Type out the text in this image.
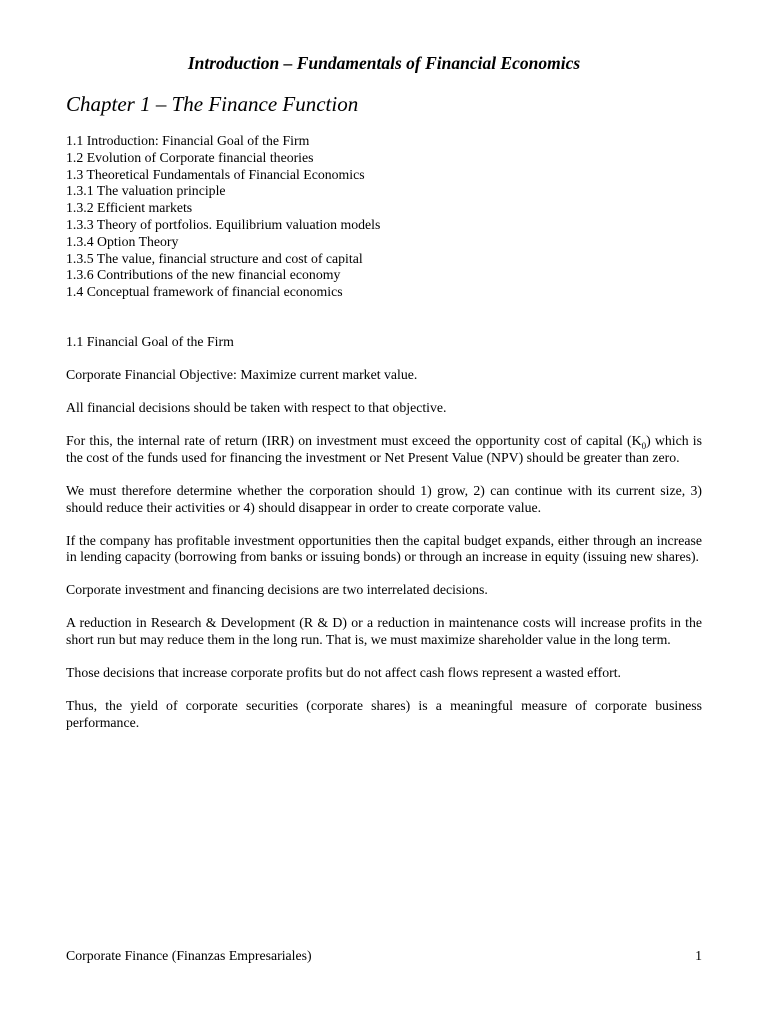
Introduction – Fundamentals of Financial Economics
Chapter 1 – The Finance Function
1.1 Introduction: Financial Goal of the Firm
1.2 Evolution of Corporate financial theories
1.3 Theoretical Fundamentals of Financial Economics
1.3.1 The valuation principle
1.3.2 Efficient markets
1.3.3 Theory of portfolios. Equilibrium valuation models
1.3.4 Option Theory
1.3.5 The value, financial structure and cost of capital
1.3.6 Contributions of the new financial economy
1.4 Conceptual framework of financial economics

1.1 Financial Goal of the Firm

Corporate Financial Objective: Maximize current market value.

All financial decisions should be taken with respect to that objective.

For this, the internal rate of return (IRR) on investment must exceed the opportunity cost of capital $(K_0)$ which is the cost of the funds used for financing the investment or Net Present Value (NPV) should be greater than zero.

We must therefore determine whether the corporation should 1) grow, 2) can continue with its current size, 3) should reduce their activities or 4) should disappear in order to create corporate value.

If the company has profitable investment opportunities then the capital budget expands, either through an increase in lending capacity (borrowing from banks or issuing bonds) or through an increase in equity (issuing new shares).

Corporate investment and financing decisions are two interrelated decisions.

A reduction in Research & Development (R & D) or a reduction in maintenance costs will increase profits in the short run but may reduce them in the long run. That is, we must maximize shareholder value in the long term.

Those decisions that increase corporate profits but do not affect cash flows represent a wasted effort.

Thus, the yield of corporate securities (corporate shares) is a meaningful measure of corporate business performance.

Corporate Finance (Finanzas Empresariales)	1
